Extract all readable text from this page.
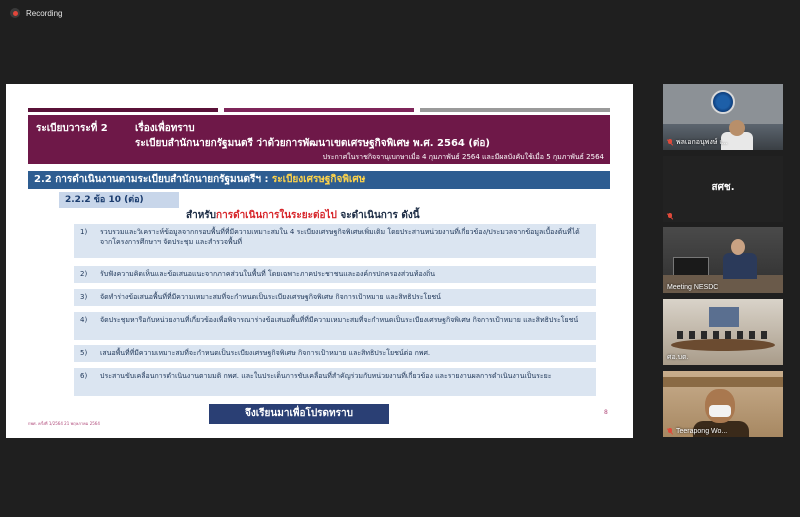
Recording
ระเบียบวาระที่ 2	เรื่องเพื่อทราบ
ระเบียบสำนักนายกรัฐมนตรี ว่าด้วยการพัฒนาเขตเศรษฐกิจพิเศษ พ.ศ. 2564 (ต่อ)
ประกาศในราชกิจจานุเบกษาเมื่อ 4 กุมภาพันธ์ 2564 และมีผลบังคับใช้เมื่อ 5 กุมภาพันธ์ 2564
2.2 การดำเนินงานตามระเบียบสำนักนายกรัฐมนตรีฯ : ระเบียงเศรษฐกิจพิเศษ
2.2.2 ข้อ 10 (ต่อ)
สำหรับการดำเนินการในระยะต่อไป จะดำเนินการ ดังนี้
1)	รวบรวมและวิเคราะห์ข้อมูลจากกรอบพื้นที่ที่มีความเหมาะสมใน 4 ระเบียงเศรษฐกิจพิเศษเพิ่มเติม โดยประสานหน่วยงานที่เกี่ยวข้อง/ประมวลจากข้อมูลเบื้องต้นที่ได้จากโครงการศึกษาฯ จัดประชุม และสำรวจพื้นที่
2)	รับฟังความคิดเห็นและข้อเสนอแนะจากภาคส่วนในพื้นที่ โดยเฉพาะภาคประชาชนและองค์กรปกครองส่วนท้องถิ่น
3)	จัดทำร่างข้อเสนอพื้นที่ที่มีความเหมาะสมที่จะกำหนดเป็นระเบียงเศรษฐกิจพิเศษ กิจการเป้าหมาย และสิทธิประโยชน์
4)	จัดประชุมหารือกับหน่วยงานที่เกี่ยวข้องเพื่อพิจารณาร่างข้อเสนอพื้นที่ที่มีความเหมาะสมที่จะกำหนดเป็นระเบียงเศรษฐกิจพิเศษ กิจการเป้าหมาย และสิทธิประโยชน์
5)	เสนอพื้นที่ที่มีความเหมาะสมที่จะกำหนดเป็นระเบียงเศรษฐกิจพิเศษ กิจการเป้าหมาย และสิทธิประโยชน์ต่อ กพศ.
6)	ประสานขับเคลื่อนการดำเนินงานตามมติ กพศ. และในประเด็นการขับเคลื่อนที่สำคัญร่วมกับหน่วยงานที่เกี่ยวข้อง และรายงานผลการดำเนินงานเป็นระยะ
กพศ. ครั้งที่ 1/2564 21 พฤษภาคม 2564
จึงเรียนมาเพื่อโปรดทราบ	8
พลเอกอนุพงษ์ เ...
สศช.
Meeting NESDC
ศอ.บต.
Teerapong Wo...
